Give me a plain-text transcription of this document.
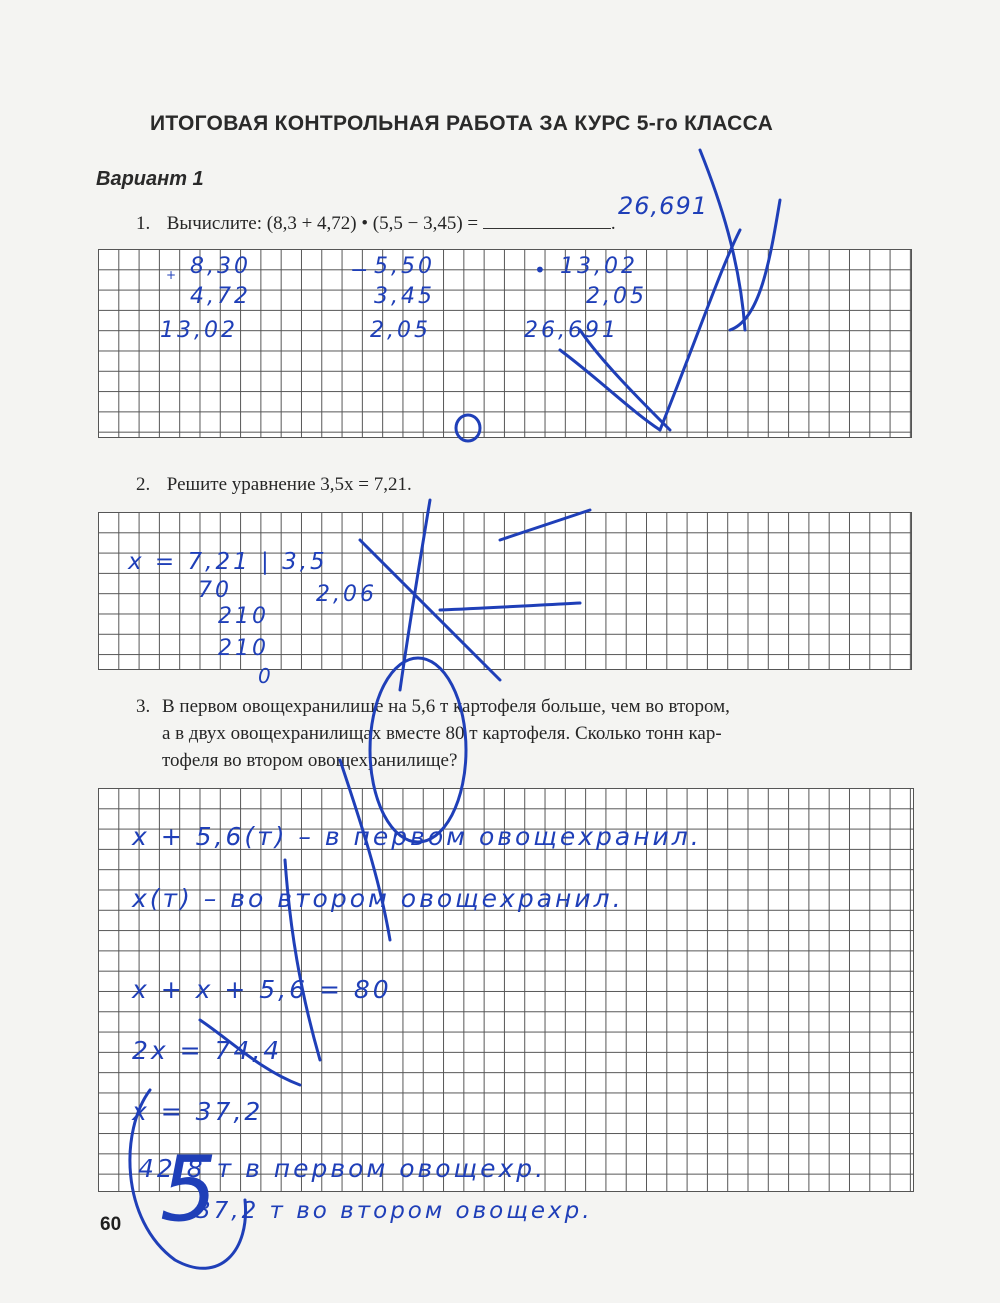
ИТОГОВАЯ КОНТРОЛЬНАЯ РАБОТА ЗА КУРС 5-го КЛАССА
Вариант 1
1. Вычислите: (8,3 + 4,72) • (5,5 − 3,45) =	.
2. Решите уравнение 3,5x = 7,21.
3. В первом овощехранилище на 5,6 т картофеля больше, чем во втором,
а в двух овощехранилищах вместе 80 т картофеля. Сколько тонн кар-
тофеля во втором овощехранилище?
60
26,691
+ 8,30
4,72
13,02
− 5,50
3,45
2,05
• 13,02
2,05
26,691
x = 7,21 | 3,5
2,06
70
210
210
0
x + 5,6(т) – в первом овощехранил.
x(т) – во втором овощехранил.
x + x + 5,6 = 80
2x = 74,4
x = 37,2
42,8 т в первом овощехр.
37,2 т во втором овощехр.
5
